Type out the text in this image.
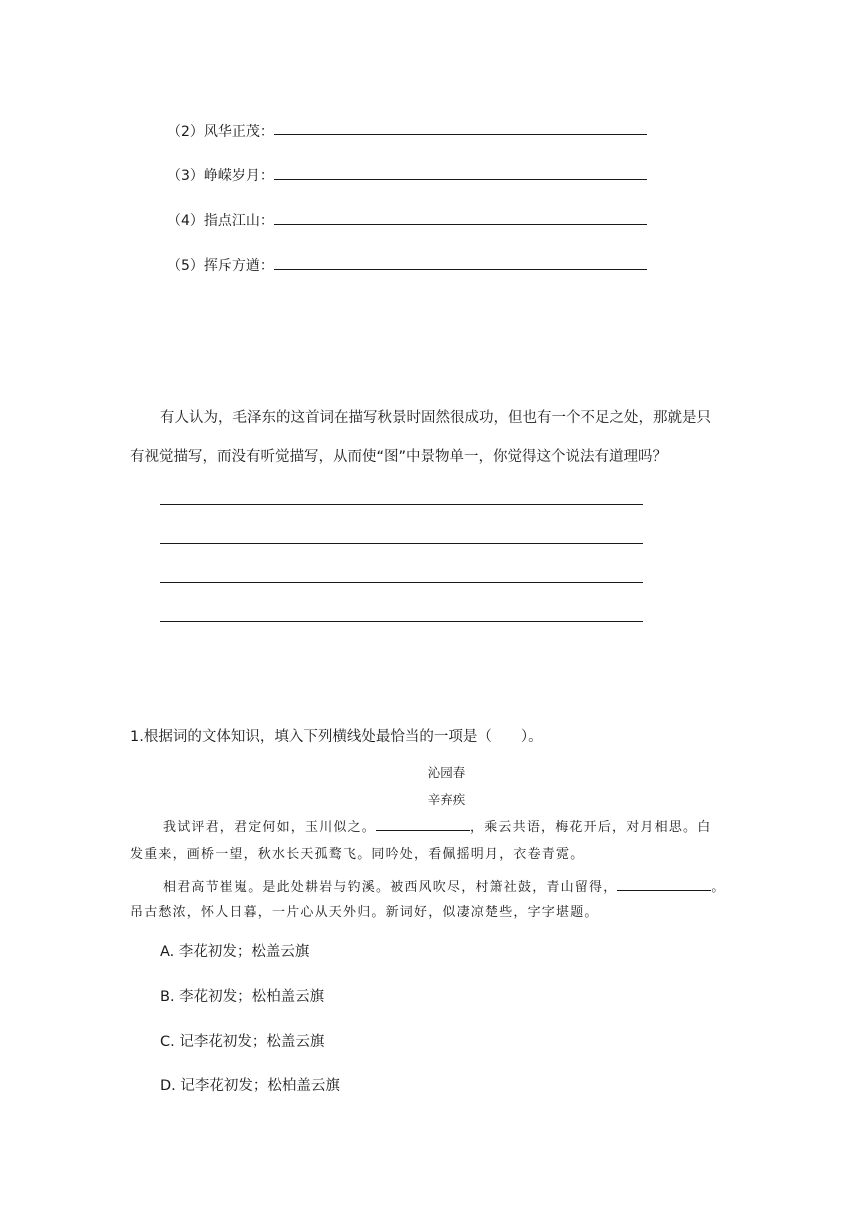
（2）风华正茂：
（3）峥嵘岁月：
（4）指点江山：
（5）挥斥方遒：
有人认为，毛泽东的这首词在描写秋景时固然很成功，但也有一个不足之处，那就是只
有视觉描写，而没有听觉描写，从而使“图”中景物单一，你觉得这个说法有道理吗？
1.根据词的文体知识，填入下列横线处最恰当的一项是（　　）。
沁园春
辛弃疾
我试评君，君定何如，玉川似之。	，乘云共语，梅花开后，对月相思。白
发重来，画桥一望，秋水长天孤鹜飞。同吟处，看佩摇明月，衣卷青霓。
相君高节崔嵬。是此处耕岩与钓溪。被西风吹尽，村箫社鼓，青山留得，	。
吊古愁浓，怀人日暮，一片心从天外归。新词好，似凄凉楚些，字字堪题。
A. 李花初发；松盖云旗
B. 李花初发；松柏盖云旗
C. 记李花初发；松盖云旗
D. 记李花初发；松柏盖云旗
